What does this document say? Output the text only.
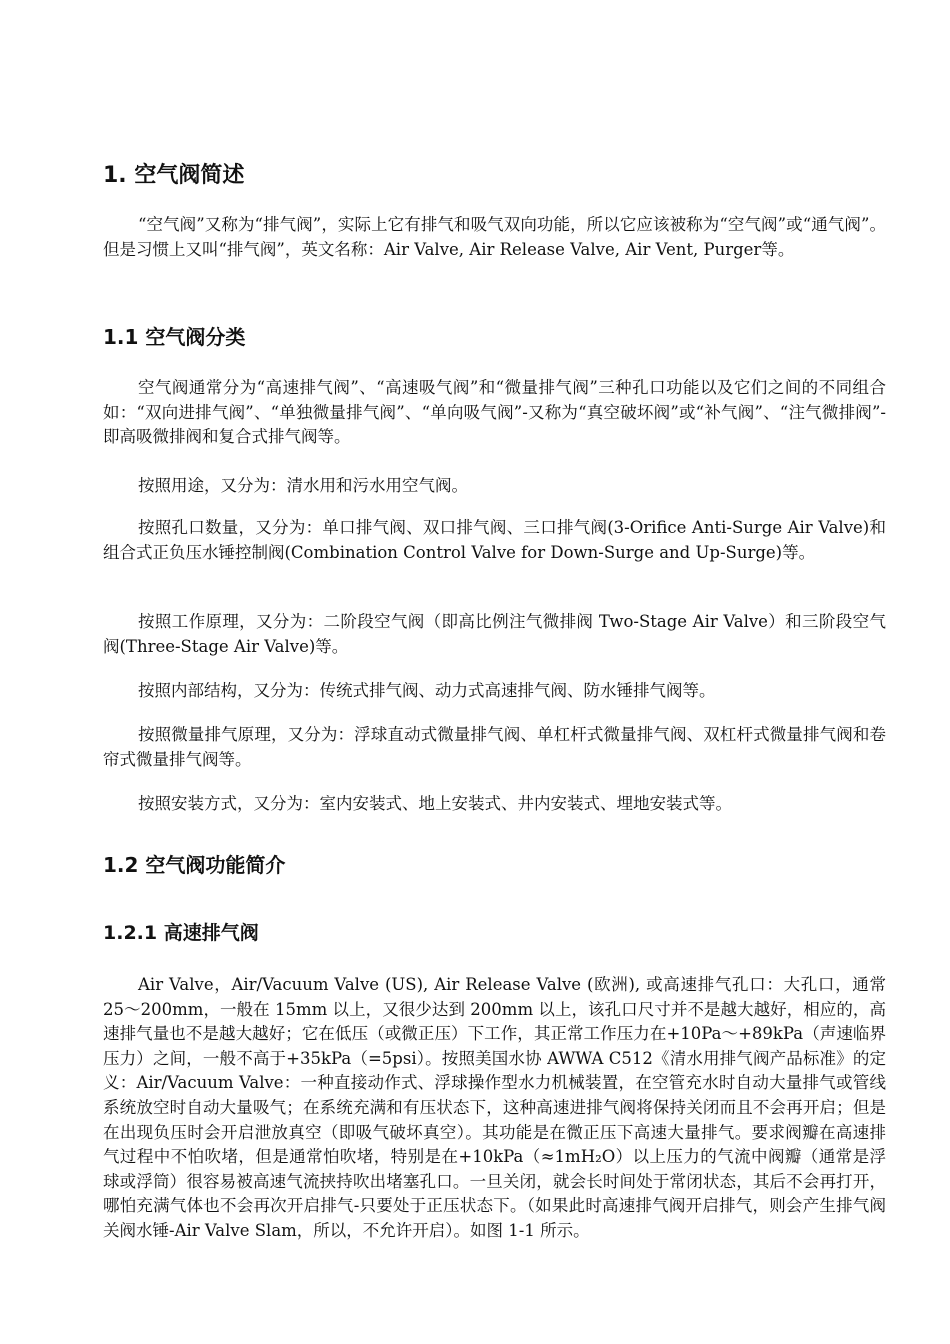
1. 空气阀简述

“空气阀”又称为“排气阀”，实际上它有排气和吸气双向功能，所以它应该被称为“空气阀”或“通气阀”。但是习惯上又叫“排气阀”，英文名称：Air Valve, Air Release Valve, Air Vent, Purger等。

1.1 空气阀分类

空气阀通常分为“高速排气阀”、“高速吸气阀”和“微量排气阀”三种孔口功能以及它们之间的不同组合如：“双向进排气阀”、“单独微量排气阀”、“单向吸气阀”-又称为“真空破坏阀”或“补气阀”、“注气微排阀”-即高吸微排阀和复合式排气阀等。

按照用途，又分为：清水用和污水用空气阀。

按照孔口数量，又分为：单口排气阀、双口排气阀、三口排气阀(3-Orifice Anti-Surge Air Valve)和组合式正负压水锤控制阀(Combination Control Valve for Down-Surge and Up-Surge)等。

按照工作原理，又分为：二阶段空气阀（即高比例注气微排阀 Two-Stage Air Valve）和三阶段空气阀(Three-Stage Air Valve)等。

按照内部结构，又分为：传统式排气阀、动力式高速排气阀、防水锤排气阀等。

按照微量排气原理，又分为：浮球直动式微量排气阀、单杠杆式微量排气阀、双杠杆式微量排气阀和卷帘式微量排气阀等。

按照安装方式，又分为：室内安装式、地上安装式、井内安装式、埋地安装式等。

1.2 空气阀功能简介
1.2.1 高速排气阀

Air Valve，Air/Vacuum Valve (US), Air Release Valve (欧洲), 或高速排气孔口：大孔口，通常 25～200mm，一般在 15mm 以上，又很少达到 200mm 以上，该孔口尺寸并不是越大越好，相应的，高速排气量也不是越大越好；它在低压（或微正压）下工作，其正常工作压力在+10Pa～+89kPa（声速临界压力）之间，一般不高于+35kPa（=5psi）。按照美国水协 AWWA C512《清水用排气阀产品标准》的定义：Air/Vacuum Valve：一种直接动作式、浮球操作型水力机械装置，在空管充水时自动大量排气或管线系统放空时自动大量吸气；在系统充满和有压状态下，这种高速进排气阀将保持关闭而且不会再开启；但是在出现负压时会开启泄放真空（即吸气破坏真空）。其功能是在微正压下高速大量排气。要求阀瓣在高速排气过程中不怕吹堵，但是通常怕吹堵，特别是在+10kPa（≈1mH₂O）以上压力的气流中阀瓣（通常是浮球或浮筒）很容易被高速气流挟持吹出堵塞孔口。一旦关闭，就会长时间处于常闭状态，其后不会再打开，哪怕充满气体也不会再次开启排气-只要处于正压状态下。（如果此时高速排气阀开启排气，则会产生排气阀关阀水锤-Air Valve Slam，所以，不允许开启）。如图 1-1 所示。
